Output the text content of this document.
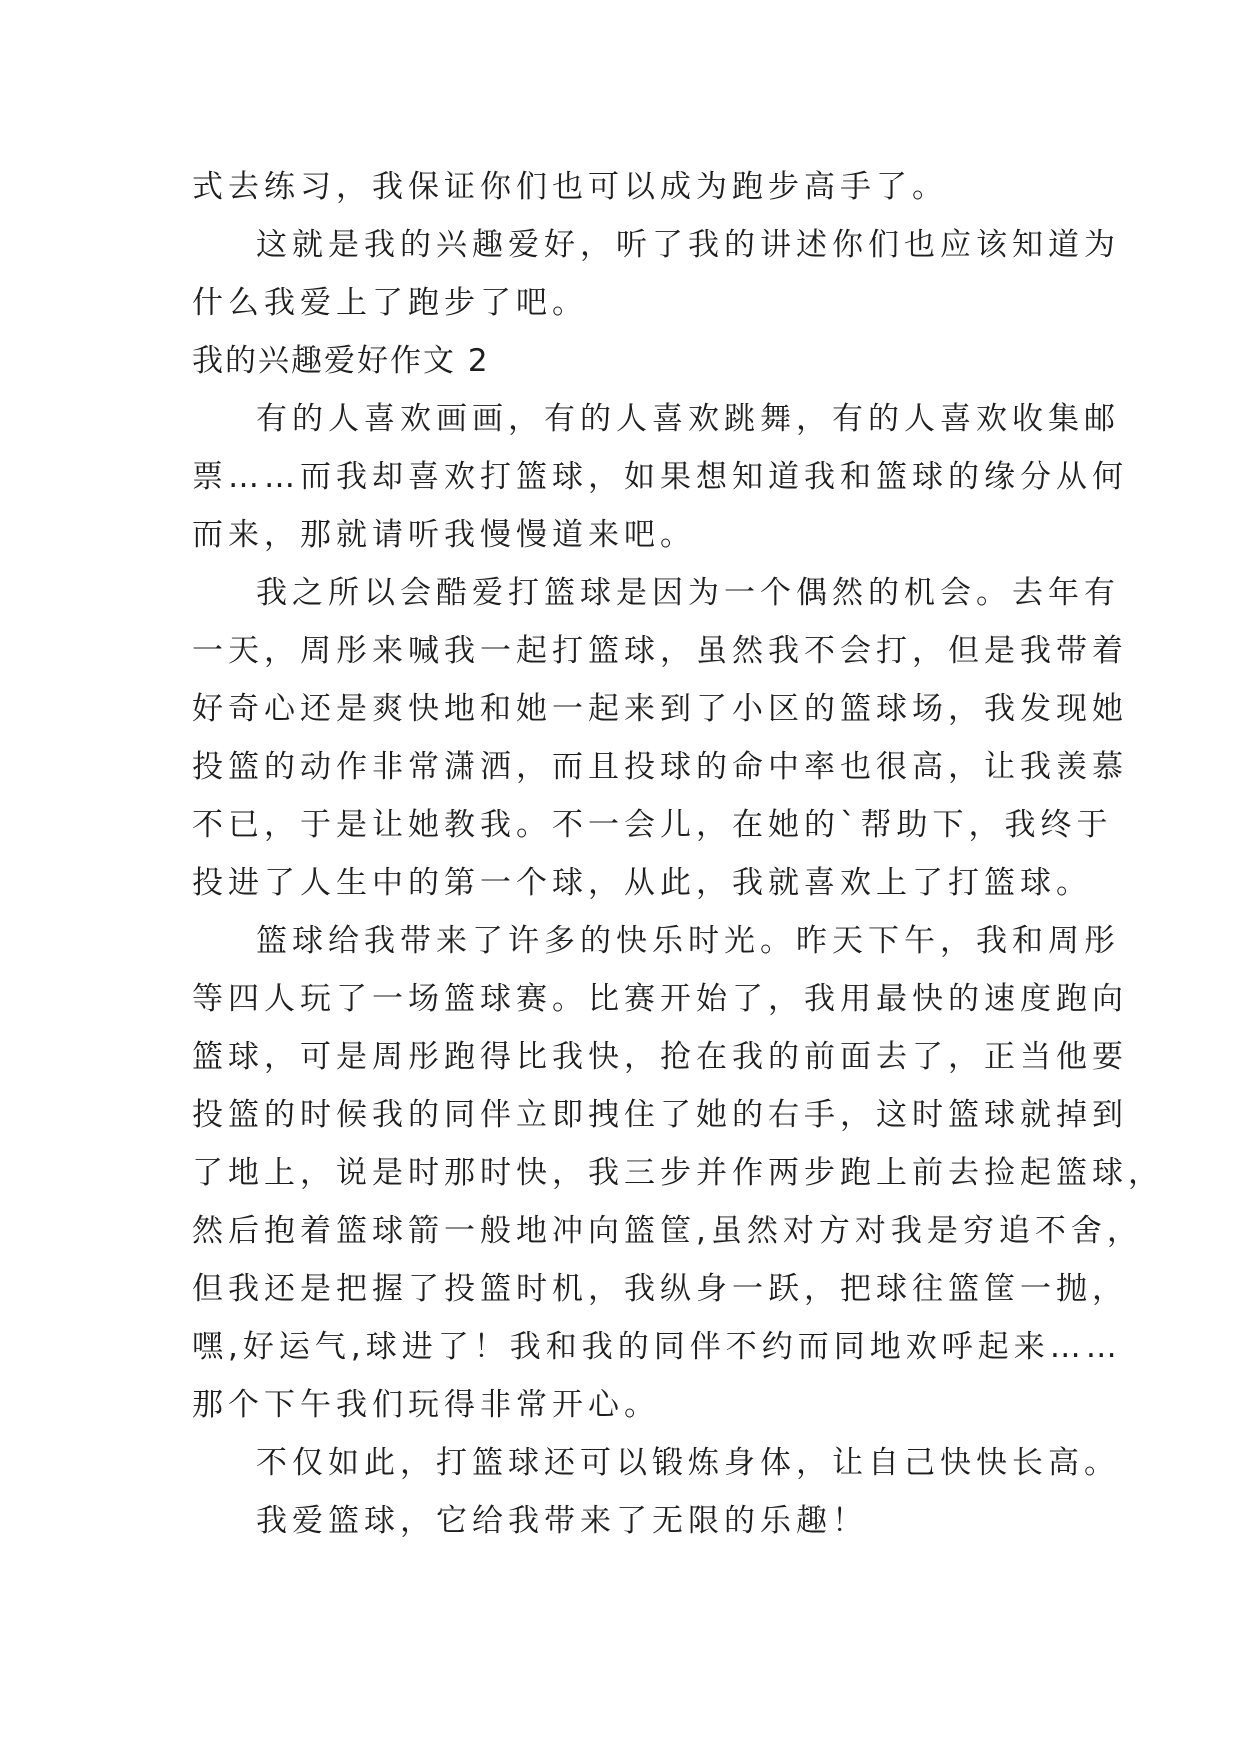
式去练习，我保证你们也可以成为跑步高手了。
这就是我的兴趣爱好，听了我的讲述你们也应该知道为
什么我爱上了跑步了吧。
我的兴趣爱好作文 2
有的人喜欢画画，有的人喜欢跳舞，有的人喜欢收集邮
票……而我却喜欢打篮球，如果想知道我和篮球的缘分从何
而来，那就请听我慢慢道来吧。
我之所以会酷爱打篮球是因为一个偶然的机会。去年有
一天，周彤来喊我一起打篮球，虽然我不会打，但是我带着
好奇心还是爽快地和她一起来到了小区的篮球场，我发现她
投篮的动作非常潇洒，而且投球的命中率也很高，让我羡慕
不已，于是让她教我。不一会儿，在她的`帮助下，我终于
投进了人生中的第一个球，从此，我就喜欢上了打篮球。
篮球给我带来了许多的快乐时光。昨天下午，我和周彤
等四人玩了一场篮球赛。比赛开始了，我用最快的速度跑向
篮球，可是周彤跑得比我快，抢在我的前面去了，正当他要
投篮的时候我的同伴立即拽住了她的右手，这时篮球就掉到
了地上，说是时那时快，我三步并作两步跑上前去捡起篮球，
然后抱着篮球箭一般地冲向篮筐,虽然对方对我是穷追不舍，
但我还是把握了投篮时机，我纵身一跃，把球往篮筐一抛，
嘿,好运气,球进了！我和我的同伴不约而同地欢呼起来……
那个下午我们玩得非常开心。
不仅如此，打篮球还可以锻炼身体，让自己快快长高。
我爱篮球，它给我带来了无限的乐趣！
